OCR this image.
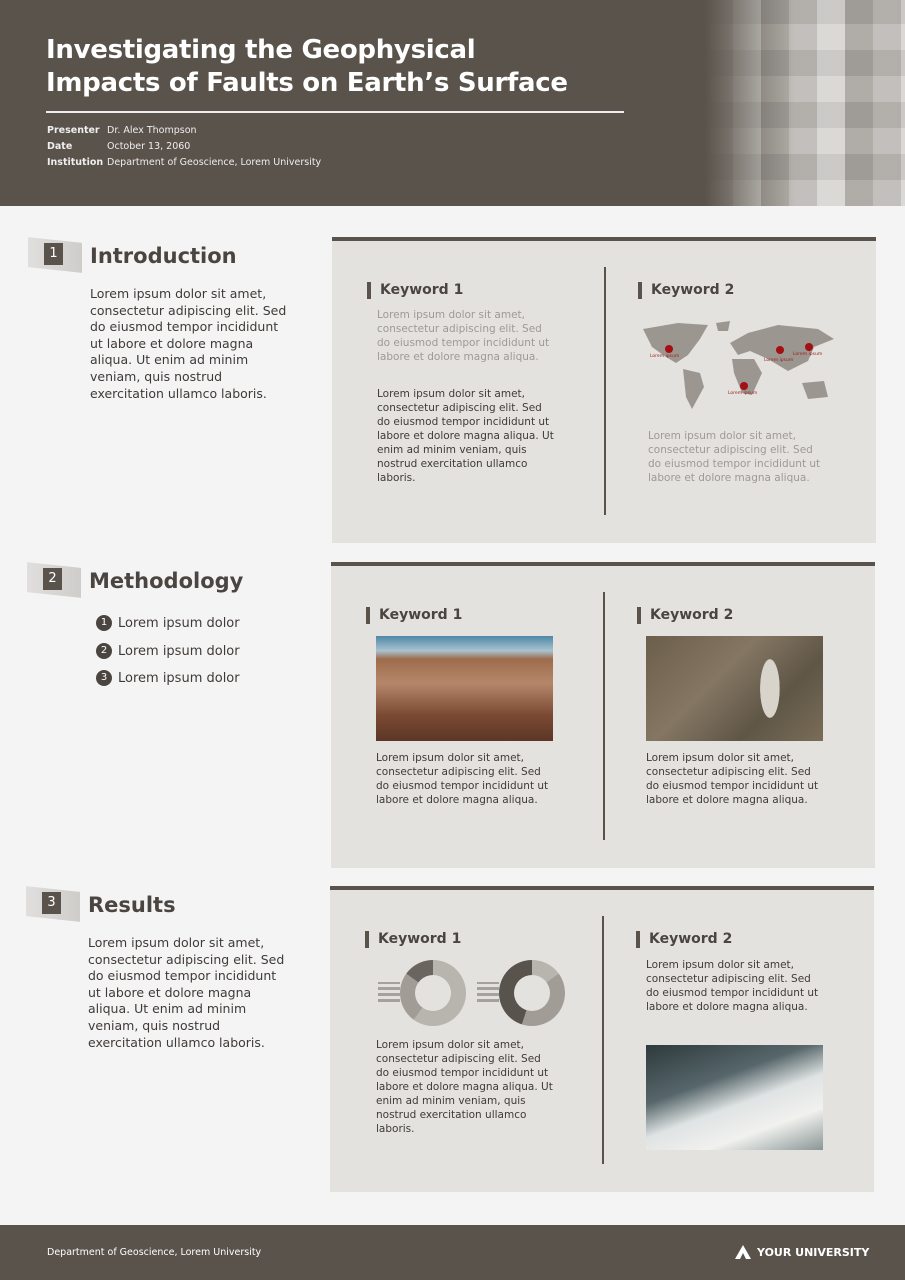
Investigating the Geophysical
Impacts of Faults on Earth’s Surface
Presenter Dr. Alex Thompson
Date	October 13, 2060
Institution Department of Geoscience, Lorem University
1 Introduction
Lorem ipsum dolor sit amet, consectetur adipiscing elit. Sed do eiusmod tempor incididunt ut labore et dolore magna aliqua. Ut enim ad minim veniam, quis nostrud exercitation ullamco laboris.
Keyword 1
Lorem ipsum dolor sit amet, consectetur adipiscing elit. Sed do eiusmod tempor incididunt ut labore et dolore magna aliqua.
Lorem ipsum dolor sit amet, consectetur adipiscing elit. Sed do eiusmod tempor incididunt ut labore et dolore magna aliqua. Ut enim ad minim veniam, quis nostrud exercitation ullamco laboris.
Keyword 2
Lorem ipsum
Lorem ipsum
Lorem ipsum
Lorem ipsum
Lorem ipsum dolor sit amet, consectetur adipiscing elit. Sed do eiusmod tempor incididunt ut labore et dolore magna aliqua.
2 Methodology
1 Lorem ipsum dolor
2 Lorem ipsum dolor
3 Lorem ipsum dolor
Keyword 1
Lorem ipsum dolor sit amet, consectetur adipiscing elit. Sed do eiusmod tempor incididunt ut labore et dolore magna aliqua.
Keyword 2
Lorem ipsum dolor sit amet, consectetur adipiscing elit. Sed do eiusmod tempor incididunt ut labore et dolore magna aliqua.
3 Results
Lorem ipsum dolor sit amet, consectetur adipiscing elit. Sed do eiusmod tempor incididunt ut labore et dolore magna aliqua. Ut enim ad minim veniam, quis nostrud exercitation ullamco laboris.
Keyword 1
Lorem ipsum dolor sit amet, consectetur adipiscing elit. Sed do eiusmod tempor incididunt ut labore et dolore magna aliqua. Ut enim ad minim veniam, quis nostrud exercitation ullamco laboris.
Keyword 2
Lorem ipsum dolor sit amet, consectetur adipiscing elit. Sed do eiusmod tempor incididunt ut labore et dolore magna aliqua.
Department of Geoscience, Lorem University	YOUR UNIVERSITY
